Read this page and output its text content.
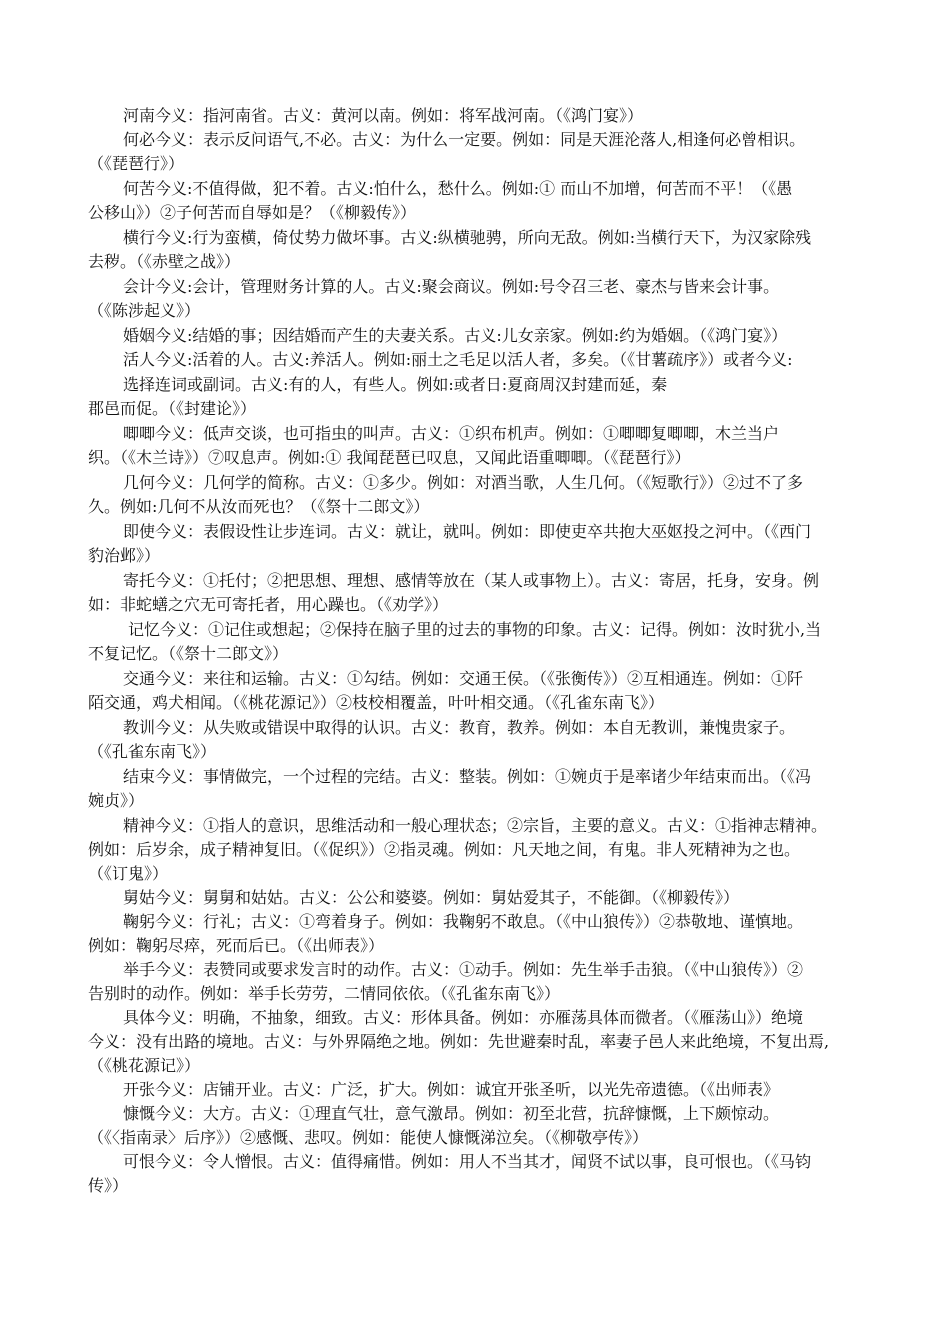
河南今义：指河南省。古义：黄河以南。例如：将军战河南。（《鸿门宴》）
何必今义：表示反问语气,不必。古义：为什么一定要。例如：同是天涯沦落人,相逢何必曾相识。
（《琵琶行》）
何苦今义:不值得做，犯不着。古义:怕什么，愁什么。例如:① 而山不加增，何苦而不平！（《愚
公移山》）②子何苦而自辱如是？（《柳毅传》）
横行今义:行为蛮横，倚仗势力做坏事。古义:纵横驰骋，所向无敌。例如:当横行天下，为汉家除残
去秽。（《赤壁之战》）
会计今义:会计，管理财务计算的人。古义:聚会商议。例如:号令召三老、豪杰与皆来会计事。
（《陈涉起义》）
婚姻今义:结婚的事；因结婚而产生的夫妻关系。古义:儿女亲家。例如:约为婚姻。（《鸿门宴》）
活人今义:活着的人。古义:养活人。例如:丽土之毛足以活人者，多矣。（《甘薯疏序》）或者今义:
选择连词或副词。古义:有的人，有些人。例如:或者日:夏商周汉封建而延，秦
郡邑而促。（《封建论》）
唧唧今义：低声交谈，也可指虫的叫声。古义：①织布机声。例如：①唧唧复唧唧，木兰当户
织。（《木兰诗》）⑦叹息声。例如:① 我闻琵琶已叹息，又闻此语重唧唧。（《琵琶行》）
几何今义：几何学的简称。古义：①多少。例如：对酒当歌，人生几何。（《短歌行》）②过不了多
久。例如:几何不从汝而死也？（《祭十二郎文》）
即使今义：表假设性让步连词。古义：就让，就叫。例如：即使吏卒共抱大巫妪投之河中。（《西门
豹治邺》）
寄托今义：①托付；②把思想、理想、感情等放在（某人或事物上）。古义：寄居，托身，安身。例
如：非蛇蟮之穴无可寄托者，用心躁也。（《劝学》）
记忆今义：①记住或想起；②保持在脑子里的过去的事物的印象。古义：记得。例如：汝时犹小,当
不复记忆。（《祭十二郎文》）
交通今义：来往和运输。古义：①勾结。例如：交通王侯。（《张衡传》）②互相通连。例如：①阡
陌交通，鸡犬相闻。（《桃花源记》）②枝校相覆盖，叶叶相交通。（《孔雀东南飞》）
教训今义：从失败或错误中取得的认识。古义：教育，教养。例如：本自无教训，兼愧贵家子。
（《孔雀东南飞》）
结束今义：事情做完，一个过程的完结。古义：整装。例如：①婉贞于是率诸少年结束而出。（《冯
婉贞》）
精神今义：①指人的意识，思维活动和一般心理状态；②宗旨，主要的意义。古义：①指神志精神。
例如：后岁余，成子精神复旧。（《促织》）②指灵魂。例如：凡天地之间，有鬼。非人死精神为之也。
（《订鬼》）
舅姑今义：舅舅和姑姑。古义：公公和婆婆。例如：舅姑爱其子，不能御。（《柳毅传》）
鞠躬今义：行礼；古义：①弯着身子。例如：我鞠躬不敢息。（《中山狼传》）②恭敬地、谨慎地。
例如：鞠躬尽瘁，死而后已。（《出师表》）
举手今义：表赞同或要求发言时的动作。古义：①动手。例如：先生举手击狼。（《中山狼传》）②
告别时的动作。例如：举手长劳劳，二情同依依。（《孔雀东南飞》）
具体今义：明确，不抽象，细致。古义：形体具备。例如：亦雁荡具体而微者。（《雁荡山》）绝境
今义：没有出路的境地。古义：与外界隔绝之地。例如：先世避秦时乱，率妻子邑人来此绝境，不复出焉,
（《桃花源记》）
开张今义：店铺开业。古义：广泛，扩大。例如：诚宜开张圣听，以光先帝遗德。（《出师表》
慷慨今义：大方。古义：①理直气壮，意气激昂。例如：初至北营，抗辞慷慨，上下颇惊动。
（《〈指南录〉后序》）②感慨、悲叹。例如：能使人慷慨涕泣矣。（《柳敬亭传》）
可恨今义：令人憎恨。古义：值得痛惜。例如：用人不当其才，闻贤不试以事，良可恨也。（《马钧
传》）
